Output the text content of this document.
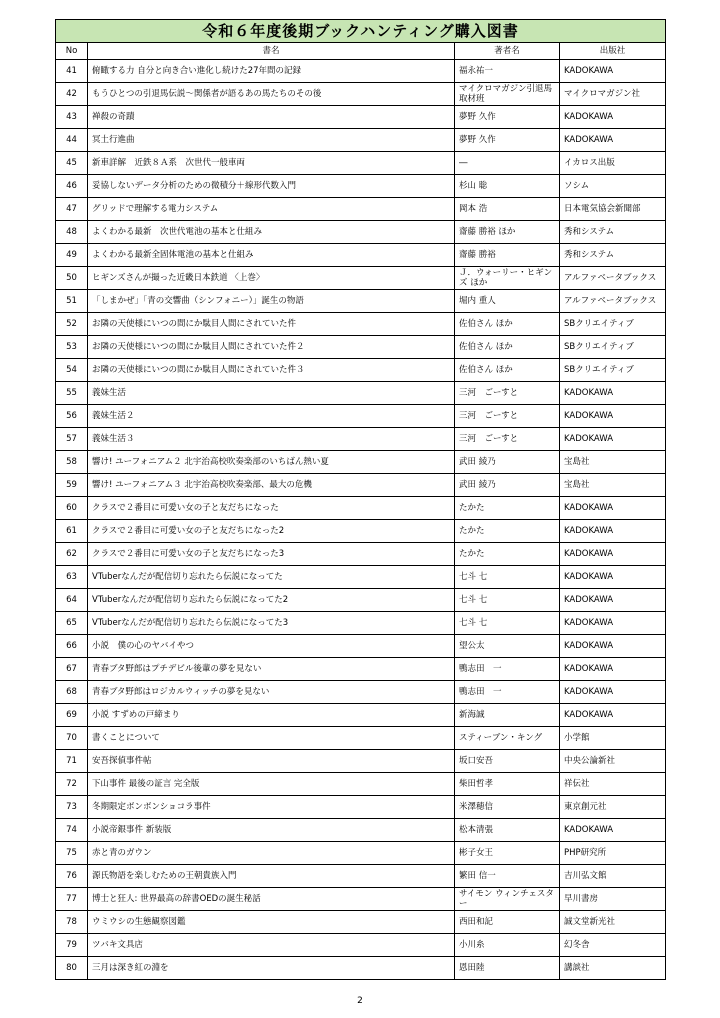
令和６年度後期ブックハンティング購入図書			
No	書名	著者名	出版社
41	俯瞰する力 自分と向き合い進化し続けた27年間の記録	福永祐一	KADOKAWA
42	もうひとつの引退馬伝説～関係者が語るあの馬たちのその後	マイクロマガジン引退馬取材班	マイクロマガジン社
43	禅殺の奇蹟	夢野 久作	KADOKAWA
44	冥土行進曲	夢野 久作	KADOKAWA
45	新車詳解　近鉄８Ａ系　次世代一般車両	―	イカロス出版
46	妥協しないデータ分析のための微積分＋線形代数入門	杉山 聡	ソシム
47	グリッドで理解する電力システム	岡本 浩	日本電気協会新聞部
48	よくわかる最新　次世代電池の基本と仕組み	齋藤 勝裕 ほか	秀和システム
49	よくわかる最新全固体電池の基本と仕組み	齋藤 勝裕	秀和システム
50	ヒギンズさんが撮った近畿日本鉄道 〈上巻〉	Ｊ．ウォーリー・ヒギンズ ほか	アルファベータブックス
51	「しまかぜ」「青の交響曲（シンフォニー）」誕生の物語	堀内 重人	アルファベータブックス
52	お隣の天使様にいつの間にか駄目人間にされていた件	佐伯さん ほか	SBクリエイティブ
53	お隣の天使様にいつの間にか駄目人間にされていた件２	佐伯さん ほか	SBクリエイティブ
54	お隣の天使様にいつの間にか駄目人間にされていた件３	佐伯さん ほか	SBクリエイティブ
55	義妹生活	三河　ごーすと	KADOKAWA
56	義妹生活２	三河　ごーすと	KADOKAWA
57	義妹生活３	三河　ごーすと	KADOKAWA
58	響け! ユーフォニアム２ 北宇治高校吹奏楽部のいちばん熱い夏	武田 綾乃	宝島社
59	響け! ユーフォニアム３ 北宇治高校吹奏楽部、最大の危機	武田 綾乃	宝島社
60	クラスで２番目に可愛い女の子と友だちになった	たかた	KADOKAWA
61	クラスで２番目に可愛い女の子と友だちになった2	たかた	KADOKAWA
62	クラスで２番目に可愛い女の子と友だちになった3	たかた	KADOKAWA
63	VTuberなんだが配信切り忘れたら伝説になってた	七斗 七	KADOKAWA
64	VTuberなんだが配信切り忘れたら伝説になってた2	七斗 七	KADOKAWA
65	VTuberなんだが配信切り忘れたら伝説になってた3	七斗 七	KADOKAWA
66	小説　僕の心のヤバイやつ	望公太	KADOKAWA
67	青春ブタ野郎はプチデビル後輩の夢を見ない	鴨志田　一	KADOKAWA
68	青春ブタ野郎はロジカルウィッチの夢を見ない	鴨志田　一	KADOKAWA
69	小説 すずめの戸締まり	新海誠	KADOKAWA
70	書くことについて	スティーブン・キング	小学館
71	安吾探偵事件帖	坂口安吾	中央公論新社
72	下山事件 最後の証言 完全版	柴田哲孝	祥伝社
73	冬期限定ボンボンショコラ事件	米澤穂信	東京創元社
74	小説帝銀事件 新装版	松本清張	KADOKAWA
75	赤と青のガウン	彬子女王	PHP研究所
76	源氏物語を楽しむための王朝貴族入門	繁田 信一	吉川弘文館
77	博士と狂人: 世界最高の辞書OEDの誕生秘話	サイモン ウィンチェスター	早川書房
78	ウミウシの生態観察図鑑	西田和記	誠文堂新光社
79	ツバキ文具店	小川糸	幻冬舎
80	三月は深き紅の淵を	恩田陸	講談社
2
